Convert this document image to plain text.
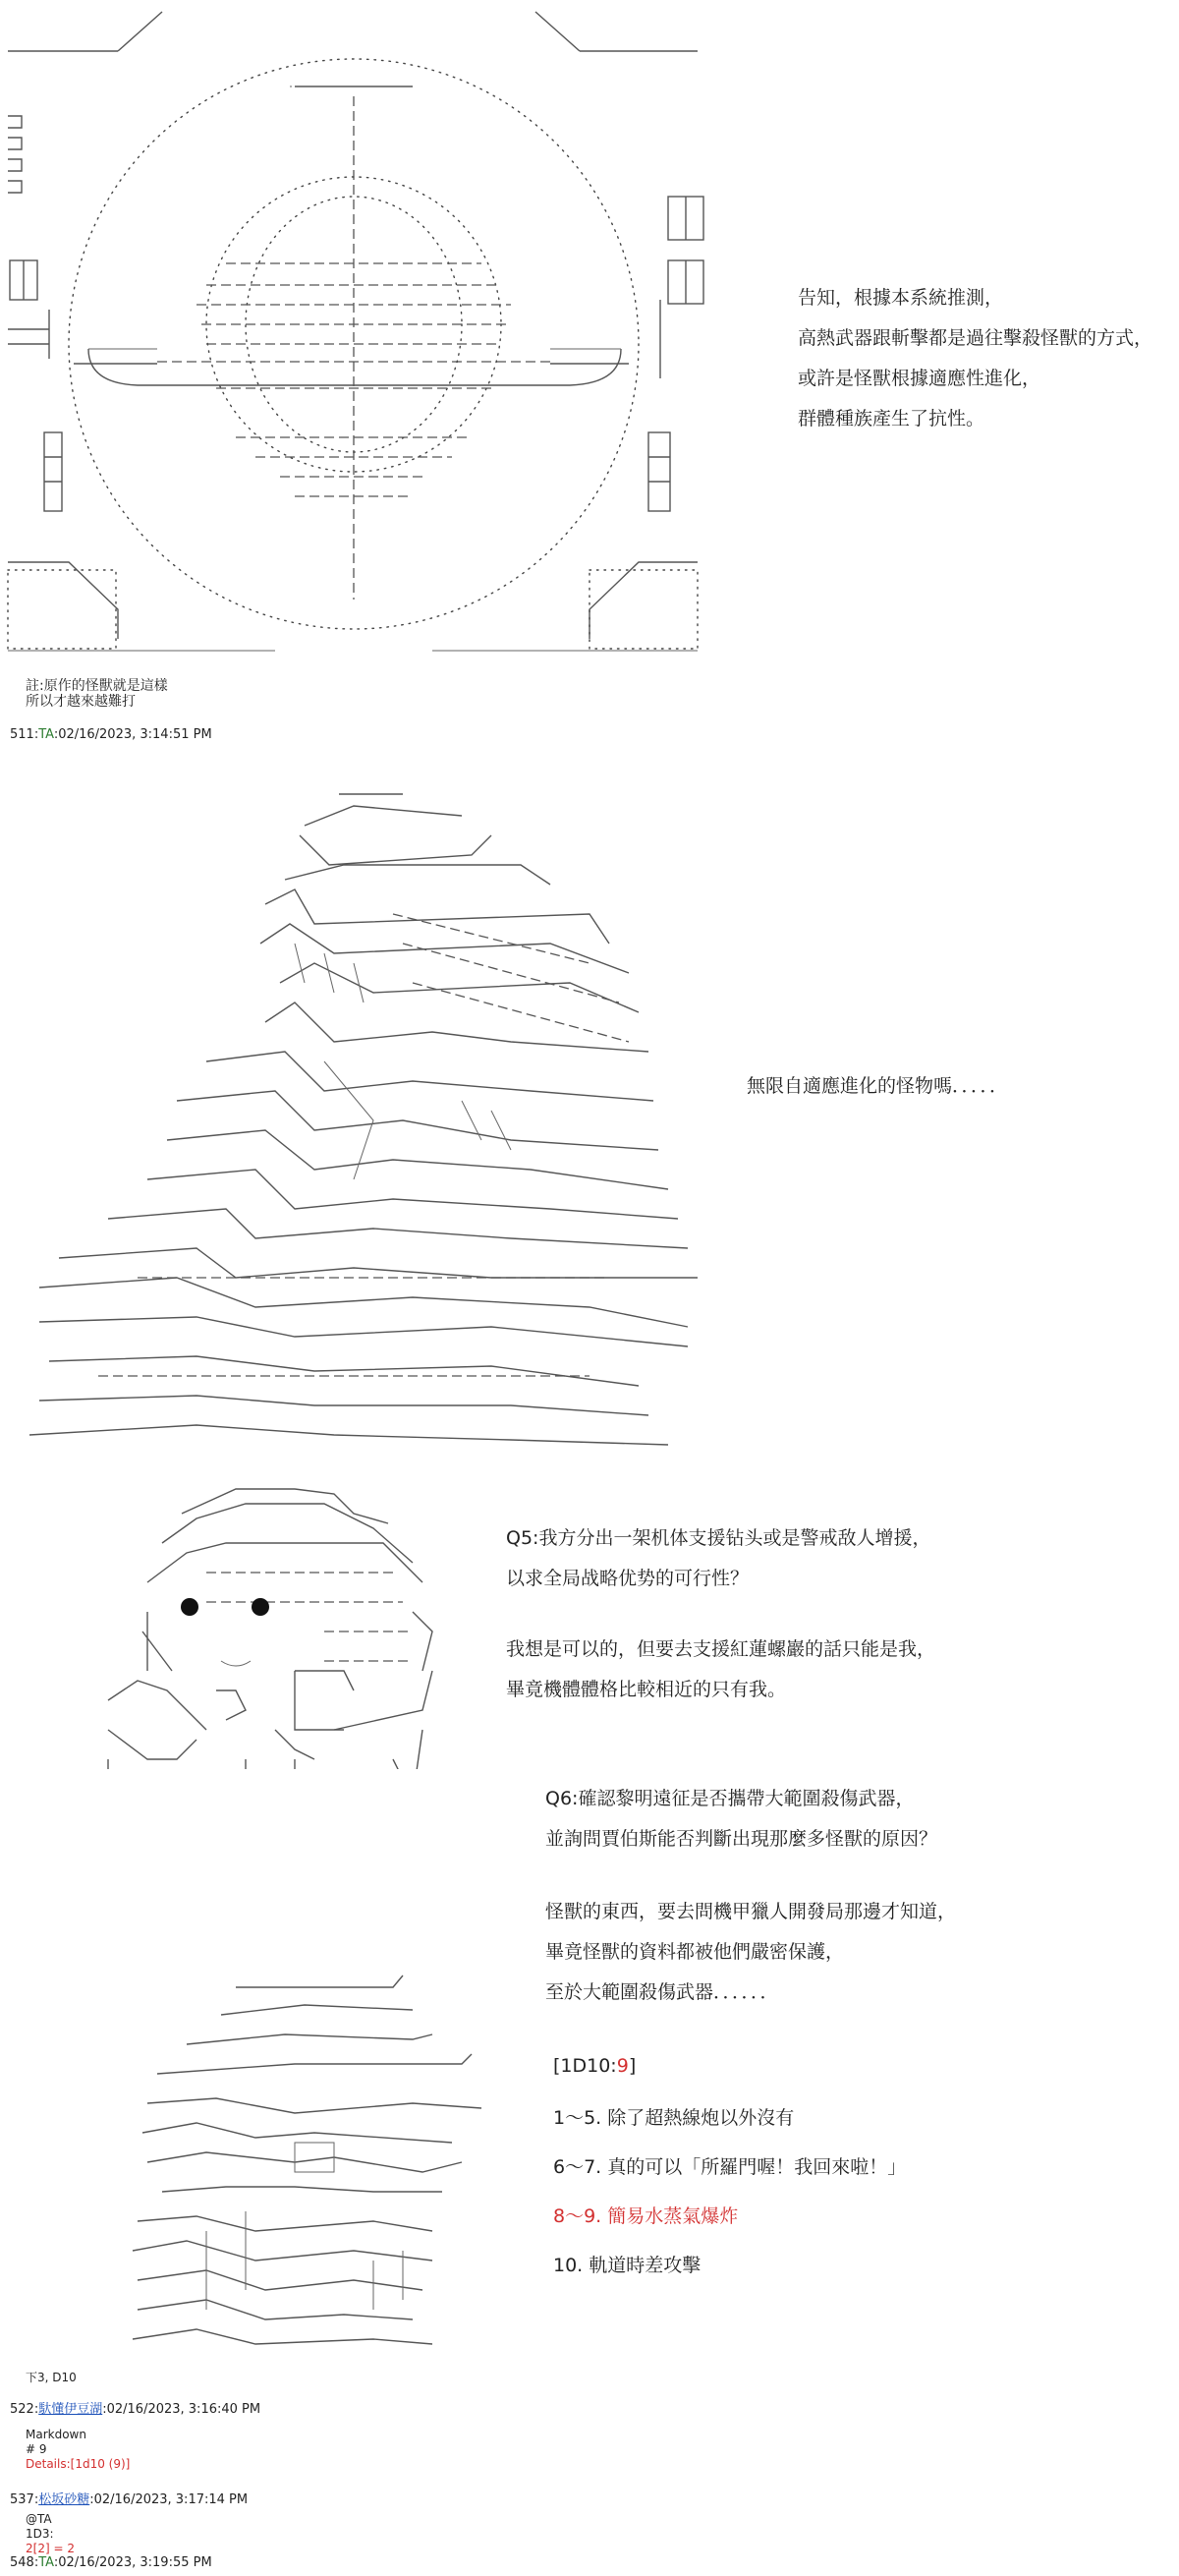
告知，根據本系統推測，
高熱武器跟斬擊都是過往擊殺怪獸的方式，
或許是怪獸根據適應性進化，
群體種族產生了抗性。
註:原作的怪獸就是這樣
所以才越來越難打
511:TA:02/16/2023, 3:14:51 PM
無限自適應進化的怪物嗎．．．．．
Q5:我方分出一架机体支援钻头或是警戒敌人增援，
以求全局战略优势的可行性？
我想是可以的，但要去支援紅蓮螺巖的話只能是我，
畢竟機體體格比較相近的只有我。
Q6:確認黎明遠征是否攜帶大範圍殺傷武器，
並詢問賈伯斯能否判斷出現那麼多怪獸的原因？
怪獸的東西，要去問機甲獵人開發局那邊才知道，
畢竟怪獸的資料都被他們嚴密保護，
至於大範圍殺傷武器．．．．．．
[1D10:9]
1～5. 除了超熱線炮以外沒有
6～7. 真的可以「所羅門喔！我回來啦！」
8～9. 簡易水蒸氣爆炸
10. 軌道時差攻擊
下3, D10
522:馱懂伊豆湖:02/16/2023, 3:16:40 PM
Markdown
# 9
Details:[1d10 (9)]
537:松坂砂糖:02/16/2023, 3:17:14 PM
@TA
1D3:
2[2] = 2
548:TA:02/16/2023, 3:19:55 PM
